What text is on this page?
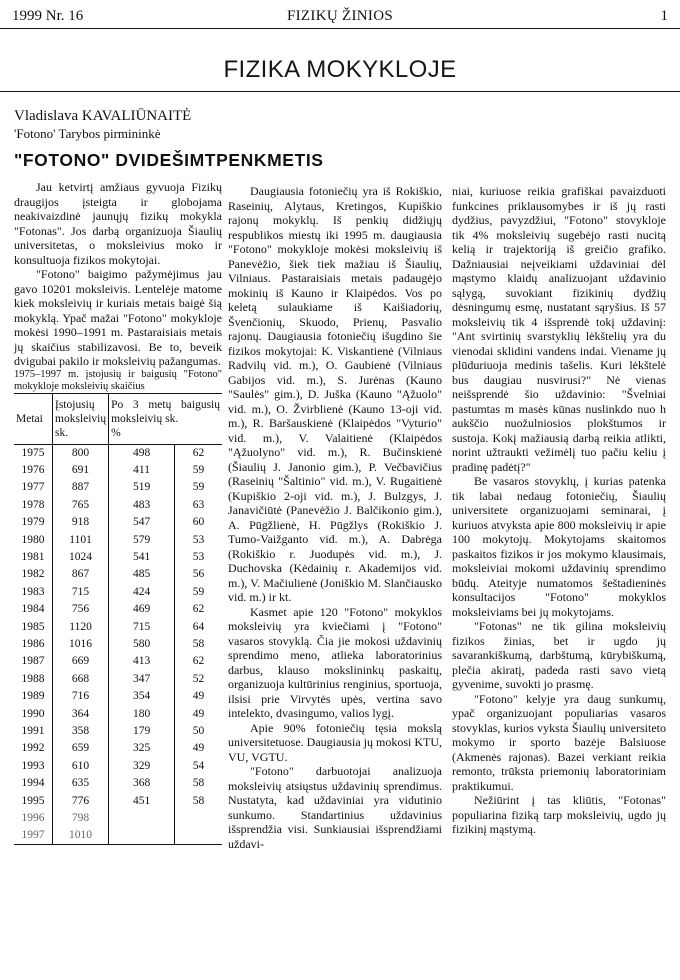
1999 Nr. 16	FIZIKŲ ŽINIOS	1
FIZIKA MOKYKLOJE
Vladislava KAVALIŪNAITĖ
'Fotono' Tarybos pirmininkė
"FOTONO" DVIDEŠIMTPENKMETIS

Jau ketvirtį amžiaus gyvuoja Fizikų draugijos įsteigta ir globojama neakivaizdinė jaunųjų fizikų mokykla "Fotonas". Jos darbą organizuoja Šiaulių universitetas, o moksleivius moko ir konsultuoja fizikos mokytojai.

"Fotono" baigimo pažymėjimus jau gavo 10201 moksleivis. Lentelėje matome kiek moksleivių ir kuriais metais baigė šią mokyklą. Ypač mažai "Fotono" mokykloje mokėsi 1990–1991 m. Pastaraisiais metais jų skaičius stabilizavosi. Be to, beveik dvigubai pakilo ir moksleivių pažangumas.

1975–1997 m. įstojusių ir baigusių "Fotono" mokykloje moksleivių skaičius

Metai	Įstojusių moksleivių sk.	Po 3 metų baigusių moksleivių sk.
%	
1975	800	498	62
1976	691	411	59
1977	887	519	59
1978	765	483	63
1979	918	547	60
1980	1101	579	53
1981	1024	541	53
1982	867	485	56
1983	715	424	59
1984	756	469	62
1985	1120	715	64
1986	1016	580	58
1987	669	413	62
1988	668	347	52
1989	716	354	49
1990	364	180	49
1991	358	179	50
1992	659	325	49
1993	610	329	54
1994	635	368	58
1995	776	451	58
1996	798		
1997	1010		

Daugiausia fotoniečių yra iš Rokiškio, Raseinių, Alytaus, Kretingos, Kupiškio rajonų mokyklų. Iš penkių didžiųjų respublikos miestų iki 1995 m. daugiausia "Fotono" mokykloje mokėsi moksleivių iš Panevėžio, šiek tiek mažiau iš Šiaulių, Vilniaus. Pastaraisiais metais padaugėjo mokinių iš Kauno ir Klaipėdos. Vos po keletą sulaukiame iš Kaišiadorių, Švenčionių, Skuodo, Prienų, Pasvalio rajonų. Daugiausia fotoniečių išugdino šie fizikos mokytojai: K. Viskantienė (Vilniaus Radvilų vid. m.), O. Gaubienė (Vilniaus Gabijos vid. m.), S. Jurėnas (Kauno "Saulės" gim.), D. Juška (Kauno "Ąžuolo" vid. m.), O. Žvirblienė (Kauno 13-oji vid. m.), R. Baršauskienė (Klaipėdos "Vyturio" vid. m.), V. Valaitienė (Klaipėdos "Ąžuolyno" vid. m.), R. Bučinskienė (Šiaulių J. Janonio gim.), P. Večbavičius (Raseinių "Šaltinio" vid. m.), V. Rugaitienė (Kupiškio 2-oji vid. m.), J. Bulzgys, J. Janavičiūtė (Panevėžio J. Balčikonio gim.), A. Pūgžlienė, H. Pūgžlys (Rokiškio J. Tumo-Vaižganto vid. m.), A. Dabrėga (Rokiškio r. Juodupės vid. m.), J. Duchovska (Kėdainių r. Akademijos vid. m.), V. Mačiulienė (Joniškio M. Slančiausko vid. m.) ir kt.

Kasmet apie 120 "Fotono" mokyklos moksleivių yra kviečiami į "Fotono" vasaros stovyklą. Čia jie mokosi uždavinių sprendimo meno, atlieka laboratorinius darbus, klauso mokslininkų paskaitų, organizuoja kultūrinius renginius, sportuoja, ilsisi prie Virvytės upės, vertina savo intelekto, dvasingumo, valios lygį.

Apie 90% fotoniečių tęsia mokslą universitetuose. Daugiausia jų mokosi KTU, VU, VGTU.

"Fotono" darbuotojai analizuoja moksleivių atsiųstus uždavinių sprendimus. Nustatyta, kad uždaviniai yra vidutinio sunkumo. Standartinius uždavinius išsprendžia visi. Sunkiausiai išsprendžiami uždavi-

niai, kuriuose reikia grafiškai pavaizduoti funkcines priklausomybes ir iš jų rasti dydžius, pavyzdžiui, "Fotono" stovykloje tik 4% moksleivių sugebėjo rasti nucitą kelią ir trajektoriją iš greičio grafiko. Dažniausiai neįveikiami uždaviniai dėl mąstymo klaidų analizuojant uždavinio sąlygą, suvokiant fizikinių dydžių dėsningumų esmę, nustatant sąryšius. Iš 57 moksleivių tik 4 išsprendė tokį uždavinį: "Ant svirtinių svarstyklių lėkštelių yra du vienodai sklidini vandens indai. Viename jų plūduriuoja medinis tašelis. Kuri lėkštelė bus daugiau nusvirusi?" Nė vienas neišsprendė šio uždavinio: "Švelniai pastumtas m masės kūnas nuslinkdo nuo h aukščio nuožulniosios plokštumos ir sustoja. Kokį mažiausią darbą reikia atlikti, norint užtraukti vežimėlį tuo pačiu keliu į pradinę padėtį?"

Be vasaros stovyklų, į kurias patenka tik labai nedaug fotoniečių, Šiaulių universitete organizuojami seminarai, į kuriuos atvyksta apie 800 moksleivių ir apie 100 mokytojų. Mokytojams skaitomos paskaitos fizikos ir jos mokymo klausimais, moksleiviai mokomi uždavinių sprendimo būdų. Ateityje numatomos šeštadieninės konsultacijos "Fotono" mokyklos moksleiviams bei jų mokytojams.

"Fotonas" ne tik gilina moksleivių fizikos žinias, bet ir ugdo jų savarankiškumą, darbštumą, kūrybiškumą, plečia akiratį, padeda rasti savo vietą gyvenime, suvokti jo prasmę.

"Fotono" kelyje yra daug sunkumų, ypač organizuojant populiarias vasaros stovyklas, kurios vyksta Šiaulių universiteto mokymo ir sporto bazėje Balsiuose (Akmenės rajonas). Bazei verkiant reikia remonto, trūksta priemonių laboratoriniam praktikumui.

Nežiūrint į tas kliūtis, "Fotonas" populiarina fiziką tarp moksleivių, ugdo jų fizikinį mąstymą.
